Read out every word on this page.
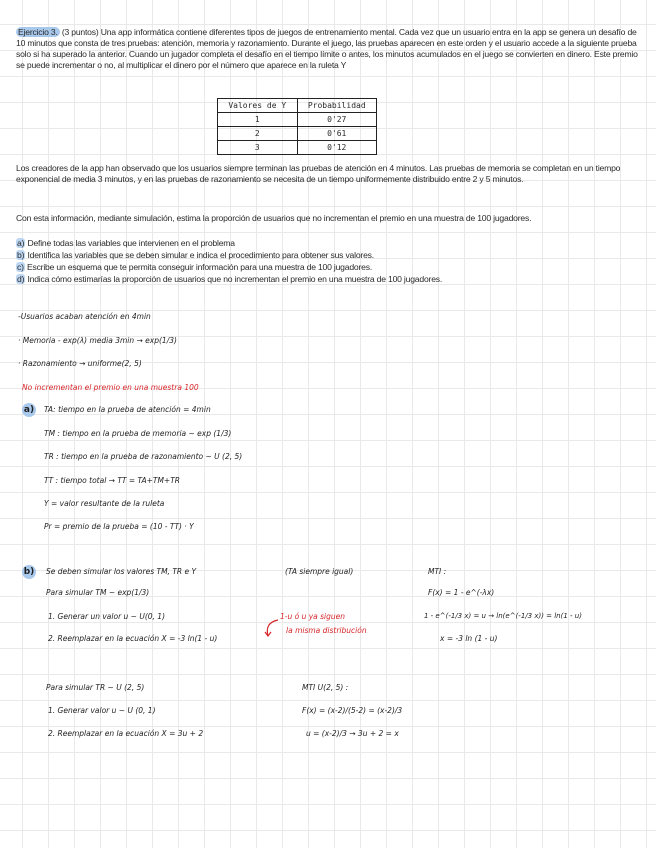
Ejercicio 3. (3 puntos) Una app informática contiene diferentes tipos de juegos de entrenamiento mental. Cada vez que un usuario entra en la app se genera un desafío de 10 minutos que consta de tres pruebas: atención, memoria y razonamiento. Durante el juego, las pruebas aparecen en este orden y el usuario accede a la siguiente prueba solo si ha superado la anterior. Cuando un jugador completa el desafío en el tiempo límite o antes, los minutos acumulados en el juego se convierten en dinero. Este premio se puede incrementar o no, al multiplicar el dinero por el número que aparece en la ruleta Y
Valores de Y	Probabilidad
1	0'27
2	0'61
3	0'12
Los creadores de la app han observado que los usuarios siempre terminan las pruebas de atención en 4 minutos. Las pruebas de memoria se completan en un tiempo exponencial de media 3 minutos, y en las pruebas de razonamiento se necesita de un tiempo uniformemente distribuido entre 2 y 5 minutos.
Con esta información, mediante simulación, estima la proporción de usuarios que no incrementan el premio en una muestra de 100 jugadores.
a) Define todas las variables que intervienen en el problema
b) Identifica las variables que se deben simular e indica el procedimiento para obtener sus valores.
c) Escribe un esquema que te permita conseguir información para una muestra de 100 jugadores.
d) Indica cómo estimarías la proporción de usuarios que no incrementan el premio en una muestra de 100 jugadores.
-Usuarios acaban atención en 4min
· Memoria - exp(λ) media 3min → exp(1/3)
· Razonamiento → uniforme(2, 5)
No incrementan el premio en una muestra 100
a) TA: tiempo en la prueba de atención = 4min
TM : tiempo en la prueba de memoria ~ exp (1/3)
TR : tiempo en la prueba de razonamiento ~ U (2, 5)
TT : tiempo total → TT = TA+TM+TR
Y = valor resultante de la ruleta
Pr = premio de la prueba = (10 - TT) · Y
b) Se deben simular los valores TM, TR e Y	(TA siempre igual)
Para simular TM ~ exp(1/3)
1. Generar un valor u ~ U(0, 1)
2. Reemplazar en la ecuación X = -3 ln(1 - u)
1-u ó u ya siguen
la misma distribución
MTI :
F(x) = 1 - e^(-λx)
1 - e^(-1/3 x) = u → ln(e^(-1/3 x)) = ln(1 - u)
x = -3 ln (1 - u)
Para simular TR ~ U (2, 5)
1. Generar valor u ~ U (0, 1)
2. Reemplazar en la ecuación X = 3u + 2
MTI U(2, 5) :
F(x) = (x-2)/(5-2) = (x-2)/3
u = (x-2)/3 → 3u + 2 = x
